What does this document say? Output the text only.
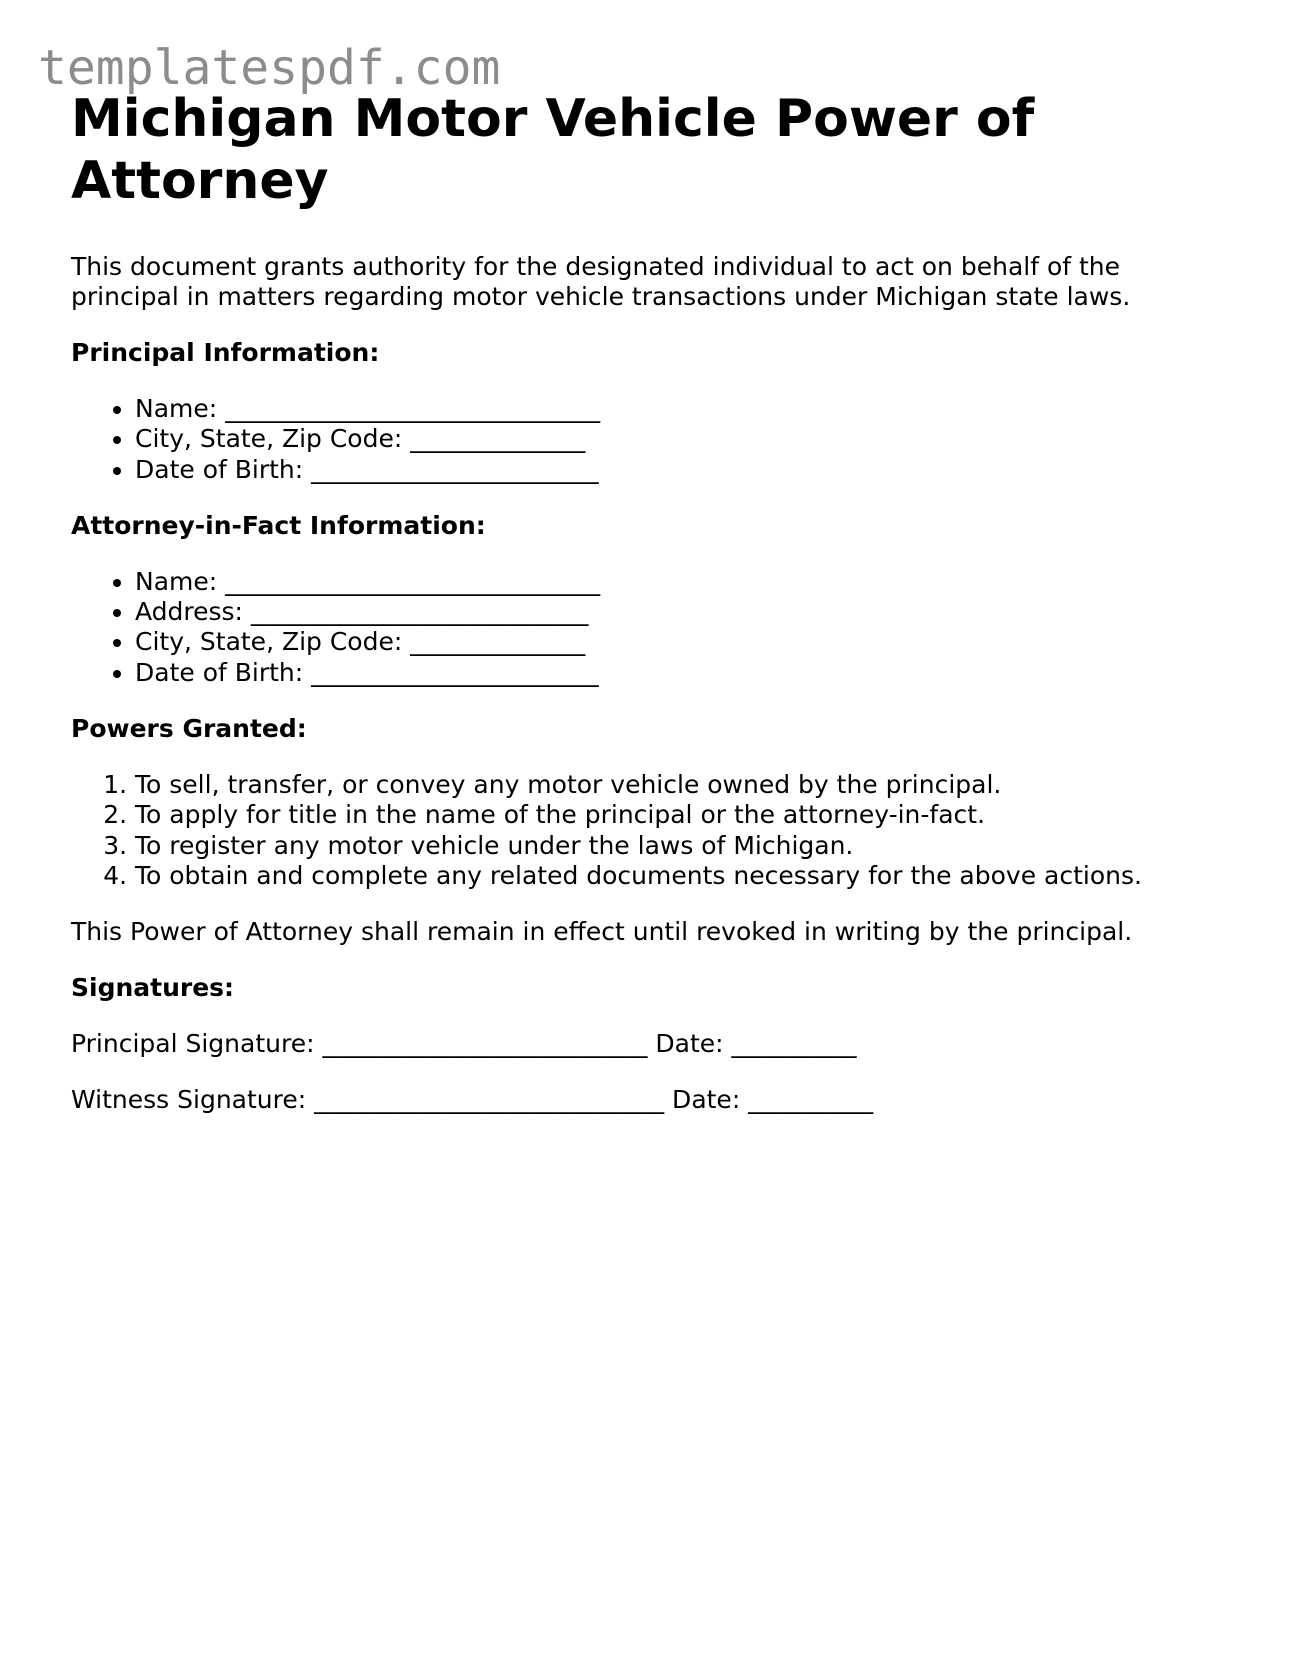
templatespdf.com
Michigan Motor Vehicle Power of Attorney

This document grants authority for the designated individual to act on behalf of the principal in matters regarding motor vehicle transactions under Michigan state laws.

Principal Information:

• Name: ______________________________
• City, State, Zip Code: ______________
• Date of Birth: _______________________

Attorney-in-Fact Information:

• Name: ______________________________
• Address: ___________________________
• City, State, Zip Code: ______________
• Date of Birth: _______________________

Powers Granted:

1. To sell, transfer, or convey any motor vehicle owned by the principal.
2. To apply for title in the name of the principal or the attorney-in-fact.
3. To register any motor vehicle under the laws of Michigan.
4. To obtain and complete any related documents necessary for the above actions.

This Power of Attorney shall remain in effect until revoked in writing by the principal.

Signatures:

Principal Signature: __________________________ Date: __________

Witness Signature: ____________________________ Date: __________
